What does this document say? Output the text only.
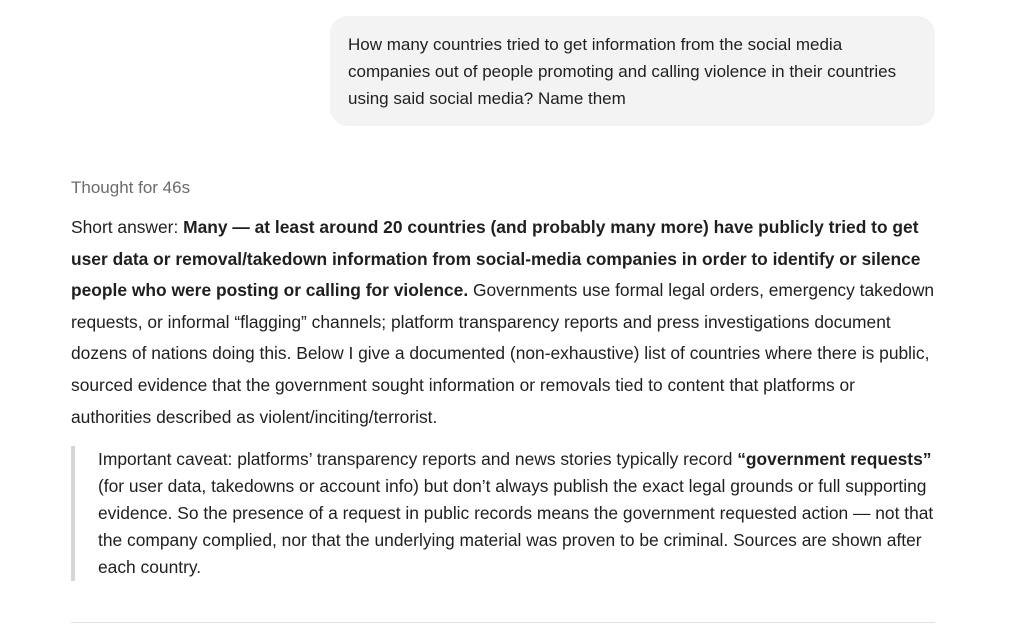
How many countries tried to get information from the social media companies out of people promoting and calling violence in their countries using said social media? Name them
Thought for 46s
Short answer: Many — at least around 20 countries (and probably many more) have publicly tried to get user data or removal/takedown information from social-media companies in order to identify or silence people who were posting or calling for violence. Governments use formal legal orders, emergency takedown requests, or informal “flagging” channels; platform transparency reports and press investigations document dozens of nations doing this. Below I give a documented (non-exhaustive) list of countries where there is public, sourced evidence that the government sought information or removals tied to content that platforms or authorities described as violent/inciting/terrorist.
Important caveat: platforms’ transparency reports and news stories typically record “government requests” (for user data, takedowns or account info) but don’t always publish the exact legal grounds or full supporting evidence. So the presence of a request in public records means the government requested action — not that the company complied, nor that the underlying material was proven to be criminal. Sources are shown after each country.
